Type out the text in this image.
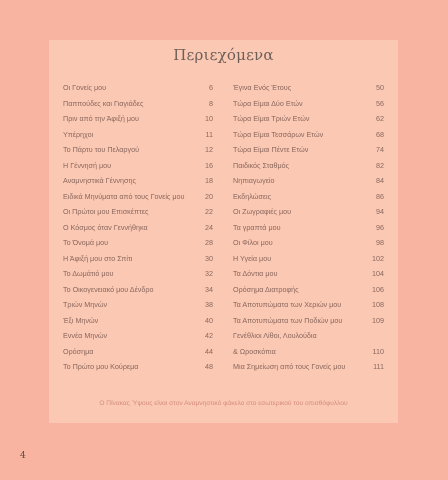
Περιεχόμενα
Οι Γονείς μου	6
Παππούδες και Γιαγιάδες	8
Πριν από την Άφιξή μου	10
Υπέρηχοι	11
Το Πάρτυ του Πελαργού	12
Η Γέννησή μου	16
Αναμνηστικά Γέννησης	18
Ειδικά Μηνύματα από τους Γονείς μου	20
Οι Πρώτοι μου Επισκέπτες	22
Ο Κόσμος όταν Γεννήθηκα	24
Το Όνομά μου	28
Η Άφιξή μου στο Σπίτι	30
Το Δωμάτιό μου	32
Το Οικογενειακό μου Δένδρο	34
Τριών Μηνών	38
Έξι Μηνών	40
Εννέα Μηνών	42
Ορόσημα	44
Το Πρώτο μου Κούρεμα	48
Έγινα Ενός Έτους	50
Τώρα Είμαι Δύο Ετών	56
Τώρα Είμαι Τριών Ετών	62
Τώρα Είμαι Τεσσάρων Ετών	68
Τώρα Είμαι Πέντε Ετών	74
Παιδικός Σταθμός	82
Νηπιαγωγείο	84
Εκδηλώσεις	86
Οι Ζωγραφιές μου	94
Τα γραπτά μου	96
Οι Φίλοι μου	98
Η Υγεία μου	102
Τα Δόντια μου	104
Ορόσημα Διατροφής	106
Τα Αποτυπώματα των Χεριών μου	108
Τα Αποτυπώματα των Ποδιών μου	109
Γενέθλιοι Λίθοι, Λουλούδια
& Ωροσκόπια	110
Μια Σημείωση από τους Γονείς μου	111
Ο Πίνακας Ύψους είναι στον Αναμνηστικό φάκελο στο εσωτερικού του οπισθόφυλλου
4
